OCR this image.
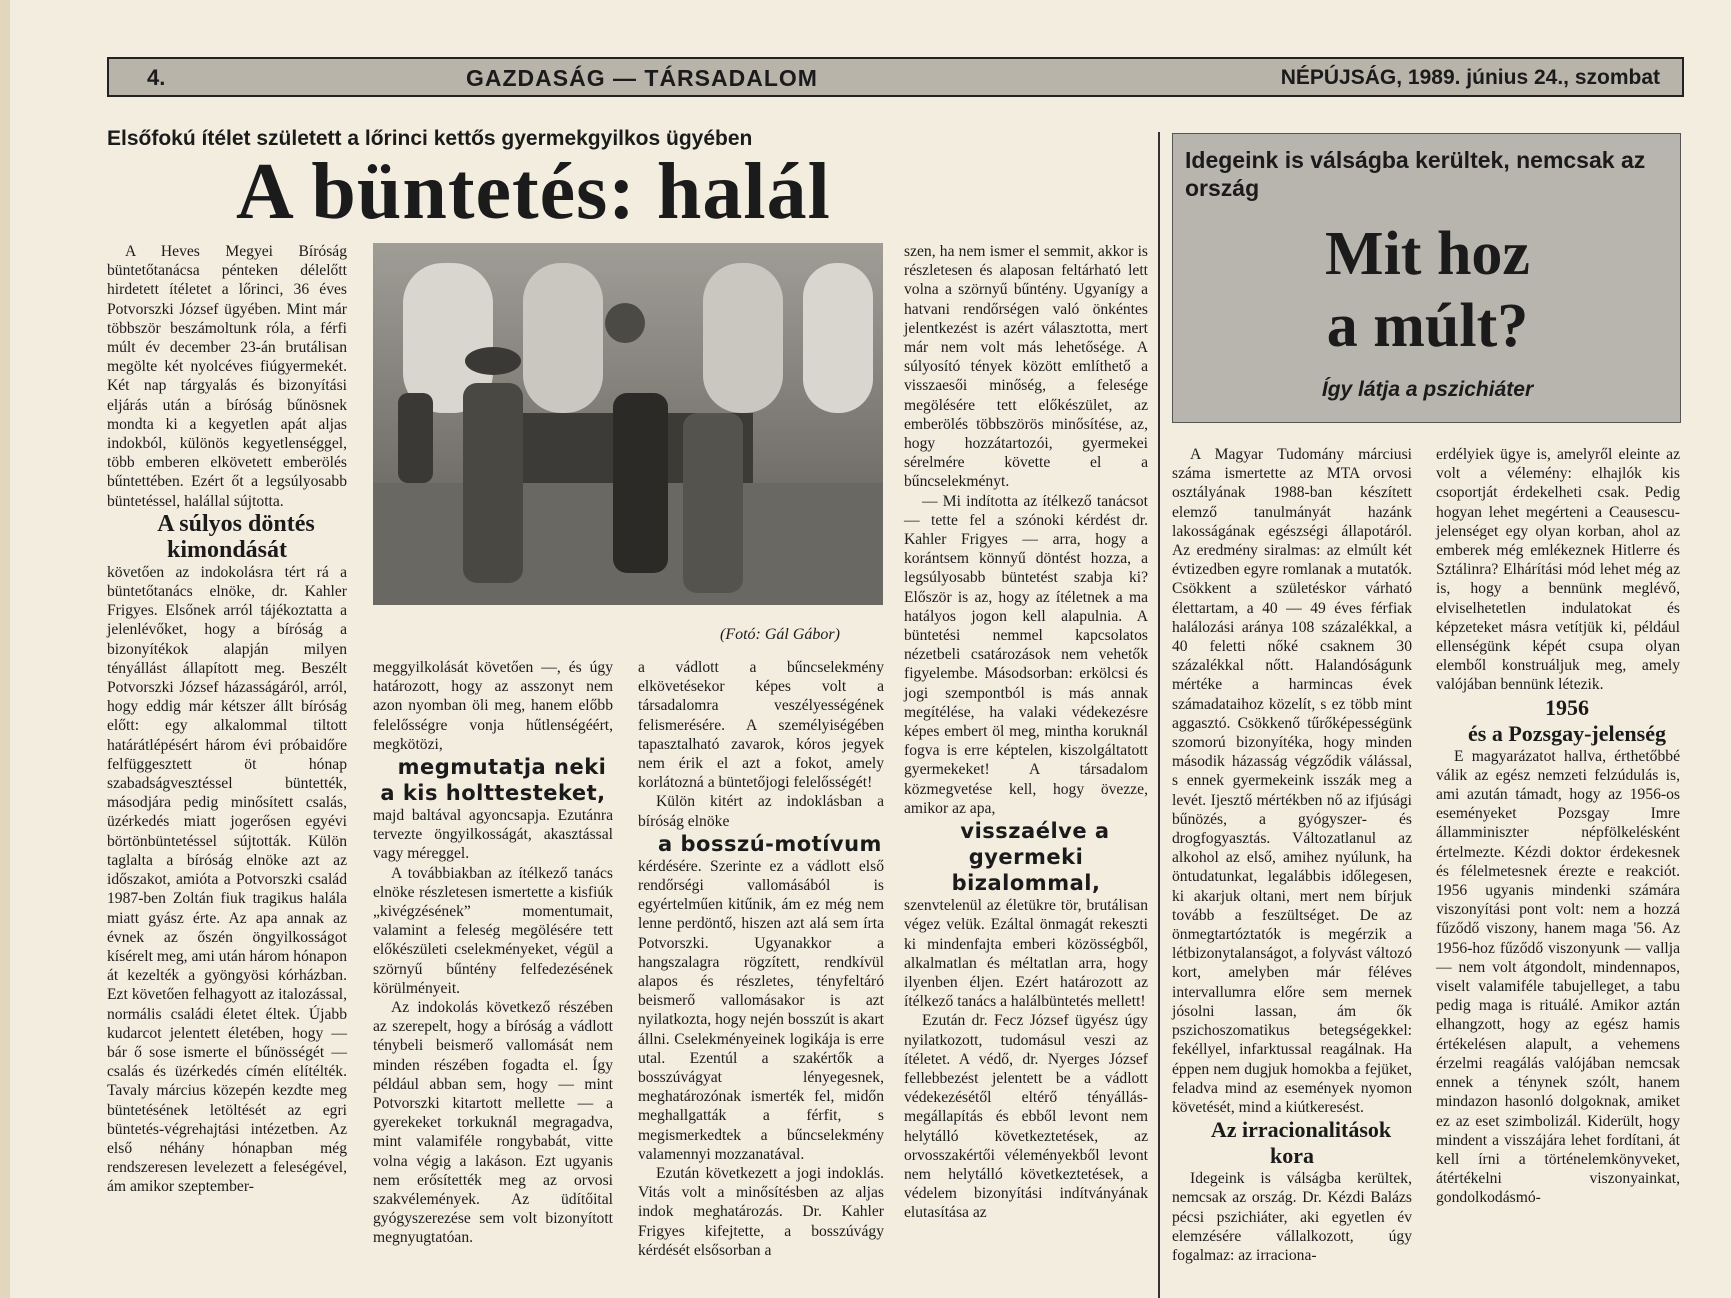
4.	GAZDASÁG — TÁRSADALOM	NÉPÚJSÁG, 1989. június 24., szombat
Elsőfokú ítélet született a lőrinci kettős gyermekgyilkos ügyében
A büntetés: halál

A Heves Megyei Bíróság büntetőtanácsa pénteken délelőtt hirdetett ítéletet a lőrinci, 36 éves Potvorszki József ügyében. Mint már többször beszámoltunk róla, a férfi múlt év december 23-án brutálisan megölte két nyolcéves fiúgyermekét. Két nap tárgyalás és bizonyítási eljárás után a bíróság bűnösnek mondta ki a kegyetlen apát aljas indokból, különös kegyetlenséggel, több emberen elkövetett emberölés bűntettében. Ezért őt a legsúlyosabb büntetéssel, halállal sújtotta.

A súlyos döntés kimondását

követően az indokolásra tért rá a büntetőtanács elnöke, dr. Kahler Frigyes. Elsőnek arról tájékoztatta a jelenlévőket, hogy a bíróság a bizonyítékok alapján milyen tényállást állapított meg. Beszélt Potvorszki József házasságáról, arról, hogy eddig már kétszer állt bíróság előtt: egy alkalommal tiltott határátlépésért három évi próbaidőre felfüggesztett öt hónap szabadságvesztéssel büntették, másodjára pedig minősített csalás, üzérkedés miatt jogerősen egyévi börtönbüntetéssel sújtották. Külön taglalta a bíróság elnöke azt az időszakot, amióta a Potvorszki család 1987-ben Zoltán fiuk tragikus halála miatt gyász érte. Az apa annak az évnek az őszén öngyilkosságot kísérelt meg, ami után három hónapon át kezelték a gyöngyösi kórházban. Ezt követően felhagyott az italozással, normális családi életet éltek. Újabb kudarcot jelentett életében, hogy — bár ő sose ismerte el bűnösségét — csalás és üzérkedés címén elítélték. Tavaly március közepén kezdte meg büntetésének letöltését az egri büntetés-végrehajtási intézetben. Az első néhány hónapban még rendszeresen levelezett a feleségével, ám amikor szeptember-

(Fotó: Gál Gábor)

meggyilkolását követően —, és úgy határozott, hogy az asszonyt nem azon nyomban öli meg, hanem előbb felelősségre vonja hűtlenségéért, megkötözi,

megmutatja neki a kis holttesteket,

majd baltával agyoncsapja. Ezutánra tervezte öngyilkosságát, akasztással vagy méreggel.

A továbbiakban az ítélkező tanács elnöke részletesen ismertette a kisfiúk „kivégzésének” momentumait, valamint a feleség megölésére tett előkészületi cselekményeket, végül a szörnyű bűntény felfedezésének körülményeit.

Az indokolás következő részében az szerepelt, hogy a bíróság a vádlott ténybeli beismerő vallomását nem minden részében fogadta el. Így például abban sem, hogy — mint Potvorszki kitartott mellette — a gyerekeket torkuknál megragadva, mint valamiféle rongybabát, vitte volna végig a lakáson. Ezt ugyanis nem erősítették meg az orvosi szakvélemények. Az üdítőital gyógyszerezése sem volt bizonyított megnyugtatóan.

a vádlott a bűncselekmény elkövetésekor képes volt a társadalomra veszélyességének felismerésére. A személyiségében tapasztalható zavarok, kóros jegyek nem érik el azt a fokot, amely korlátozná a büntetőjogi felelősségét!

Külön kitért az indoklásban a bíróság elnöke

a bosszú-motívum

kérdésére. Szerinte ez a vádlott első rendőrségi vallomásából is egyértelműen kitűnik, ám ez még nem lenne perdöntő, hiszen azt alá sem írta Potvorszki. Ugyanakkor a hangszalagra rögzített, rendkívül alapos és részletes, tényfeltáró beismerő vallomásakor is azt nyilatkozta, hogy nején bosszút is akart állni. Cselekményeinek logikája is erre utal. Ezentúl a szakértők a bosszúvágyat lényegesnek, meghatározónak ismerték fel, midőn meghallgatták a férfit, s megismerkedtek a bűncselekmény valamennyi mozzanatával.

Ezután következett a jogi indoklás. Vitás volt a minősítésben az aljas indok meghatározás. Dr. Kahler Frigyes kifejtette, a bosszúvágy kérdését elsősorban a

szen, ha nem ismer el semmit, akkor is részletesen és alaposan feltárható lett volna a szörnyű bűntény. Ugyanígy a hatvani rendőrségen való önkéntes jelentkezést is azért választotta, mert már nem volt más lehetősége. A súlyosító tények között említhető a visszaesői minőség, a felesége megölésére tett előkészület, az emberölés többszörös minősítése, az, hogy hozzátartozói, gyermekei sérelmére követte el a bűncselekményt.

— Mi indította az ítélkező tanácsot — tette fel a szónoki kérdést dr. Kahler Frigyes — arra, hogy a korántsem könnyű döntést hozza, a legsúlyosabb büntetést szabja ki? Először is az, hogy az ítéletnek a ma hatályos jogon kell alapulnia. A büntetési nemmel kapcsolatos nézetbeli csatározások nem vehetők figyelembe. Másodsorban: erkölcsi és jogi szempontból is más annak megítélése, ha valaki védekezésre képes embert öl meg, mintha koruknál fogva is erre képtelen, kiszolgáltatott gyermekeket! A társadalom közmegvetése kell, hogy övezze, amikor az apa,

visszaélve a gyermeki bizalommal,

szenvtelenül az életükre tör, brutálisan végez velük. Ezáltal önmagát rekeszti ki mindenfajta emberi közösségből, alkalmatlan és méltatlan arra, hogy ilyenben éljen. Ezért határozott az ítélkező tanács a halálbüntetés mellett!

Ezután dr. Fecz József ügyész úgy nyilatkozott, tudomásul veszi az ítéletet. A védő, dr. Nyerges József fellebbezést jelentett be a vádlott védekezésétől eltérő tényállás-megállapítás és ebből levont nem helytálló következtetések, az orvosszakértői véleményekből levont nem helytálló következtetések, a védelem bizonyítási indítványának elutasítása az

Idegeink is válságba kerültek, nemcsak az ország
Mit hoz
a múlt?
Így látja a pszichiáter

A Magyar Tudomány márciusi száma ismertette az MTA orvosi osztályának 1988-ban készített elemző tanulmányát hazánk lakosságának egészségi állapotáról. Az eredmény siralmas: az elmúlt két évtizedben egyre romlanak a mutatók. Csökkent a születéskor várható élettartam, a 40 — 49 éves férfiak halálozási aránya 108 százalékkal, a 40 feletti nőké csaknem 30 százalékkal nőtt. Halandóságunk mértéke a harmincas évek számadataihoz közelít, s ez több mint aggasztó. Csökkenő tűrőképességünk szomorú bizonyítéka, hogy minden második házasság végződik válással, s ennek gyermekeink isszák meg a levét. Ijesztő mértékben nő az ifjúsági bűnözés, a gyógyszer- és drogfogyasztás. Változatlanul az alkohol az első, amihez nyúlunk, ha öntudatunkat, legalábbis időlegesen, ki akarjuk oltani, mert nem bírjuk tovább a feszültséget. De az önmegtartóztatók is megérzik a létbizonytalanságot, a folyvást változó kort, amelyben már féléves intervallumra előre sem mernek jósolni lassan, ám ők pszichoszomatikus betegségekkel: fekéllyel, infarktussal reagálnak. Ha éppen nem dugjuk homokba a fejüket, feladva mind az események nyomon követését, mind a kiútkeresést.

Az irracionalitások kora

Idegeink is válságba kerültek, nemcsak az ország. Dr. Kézdi Balázs pécsi pszichiáter, aki egyetlen év elemzésére vállalkozott, úgy fogalmaz: az irraciona-

erdélyiek ügye is, amelyről eleinte az volt a vélemény: elhajlók kis csoportját érdekelheti csak. Pedig hogyan lehet megérteni a Ceausescu-jelenséget egy olyan korban, ahol az emberek még emlékeznek Hitlerre és Sztálinra? Elhárítási mód lehet még az is, hogy a bennünk meglévő, elviselhetetlen indulatokat és képzeteket másra vetítjük ki, például ellenségünk képét csupa olyan elemből konstruáljuk meg, amely valójában bennünk létezik.

1956

és a Pozsgay-jelenség

E magyarázatot hallva, érthetőbbé válik az egész nemzeti felzúdulás is, ami azután támadt, hogy az 1956-os eseményeket Pozsgay Imre államminiszter népfölkelésként értelmezte. Kézdi doktor érdekesnek és félelmetesnek érezte e reakciót. 1956 ugyanis mindenki számára viszonyítási pont volt: nem a hozzá fűződő viszony, hanem maga '56. Az 1956-hoz fűződő viszonyunk — vallja — nem volt átgondolt, mindennapos, viselt valamiféle tabujelleget, a tabu pedig maga is rituálé. Amikor aztán elhangzott, hogy az egész hamis értékelésen alapult, a vehemens érzelmi reagálás valójában nemcsak ennek a ténynek szólt, hanem mindazon hasonló dolgoknak, amiket ez az eset szimbolizál. Kiderült, hogy mindent a visszájára lehet fordítani, át kell írni a történelemkönyveket, átértékelni viszonyainkat, gondolkodásmó-
